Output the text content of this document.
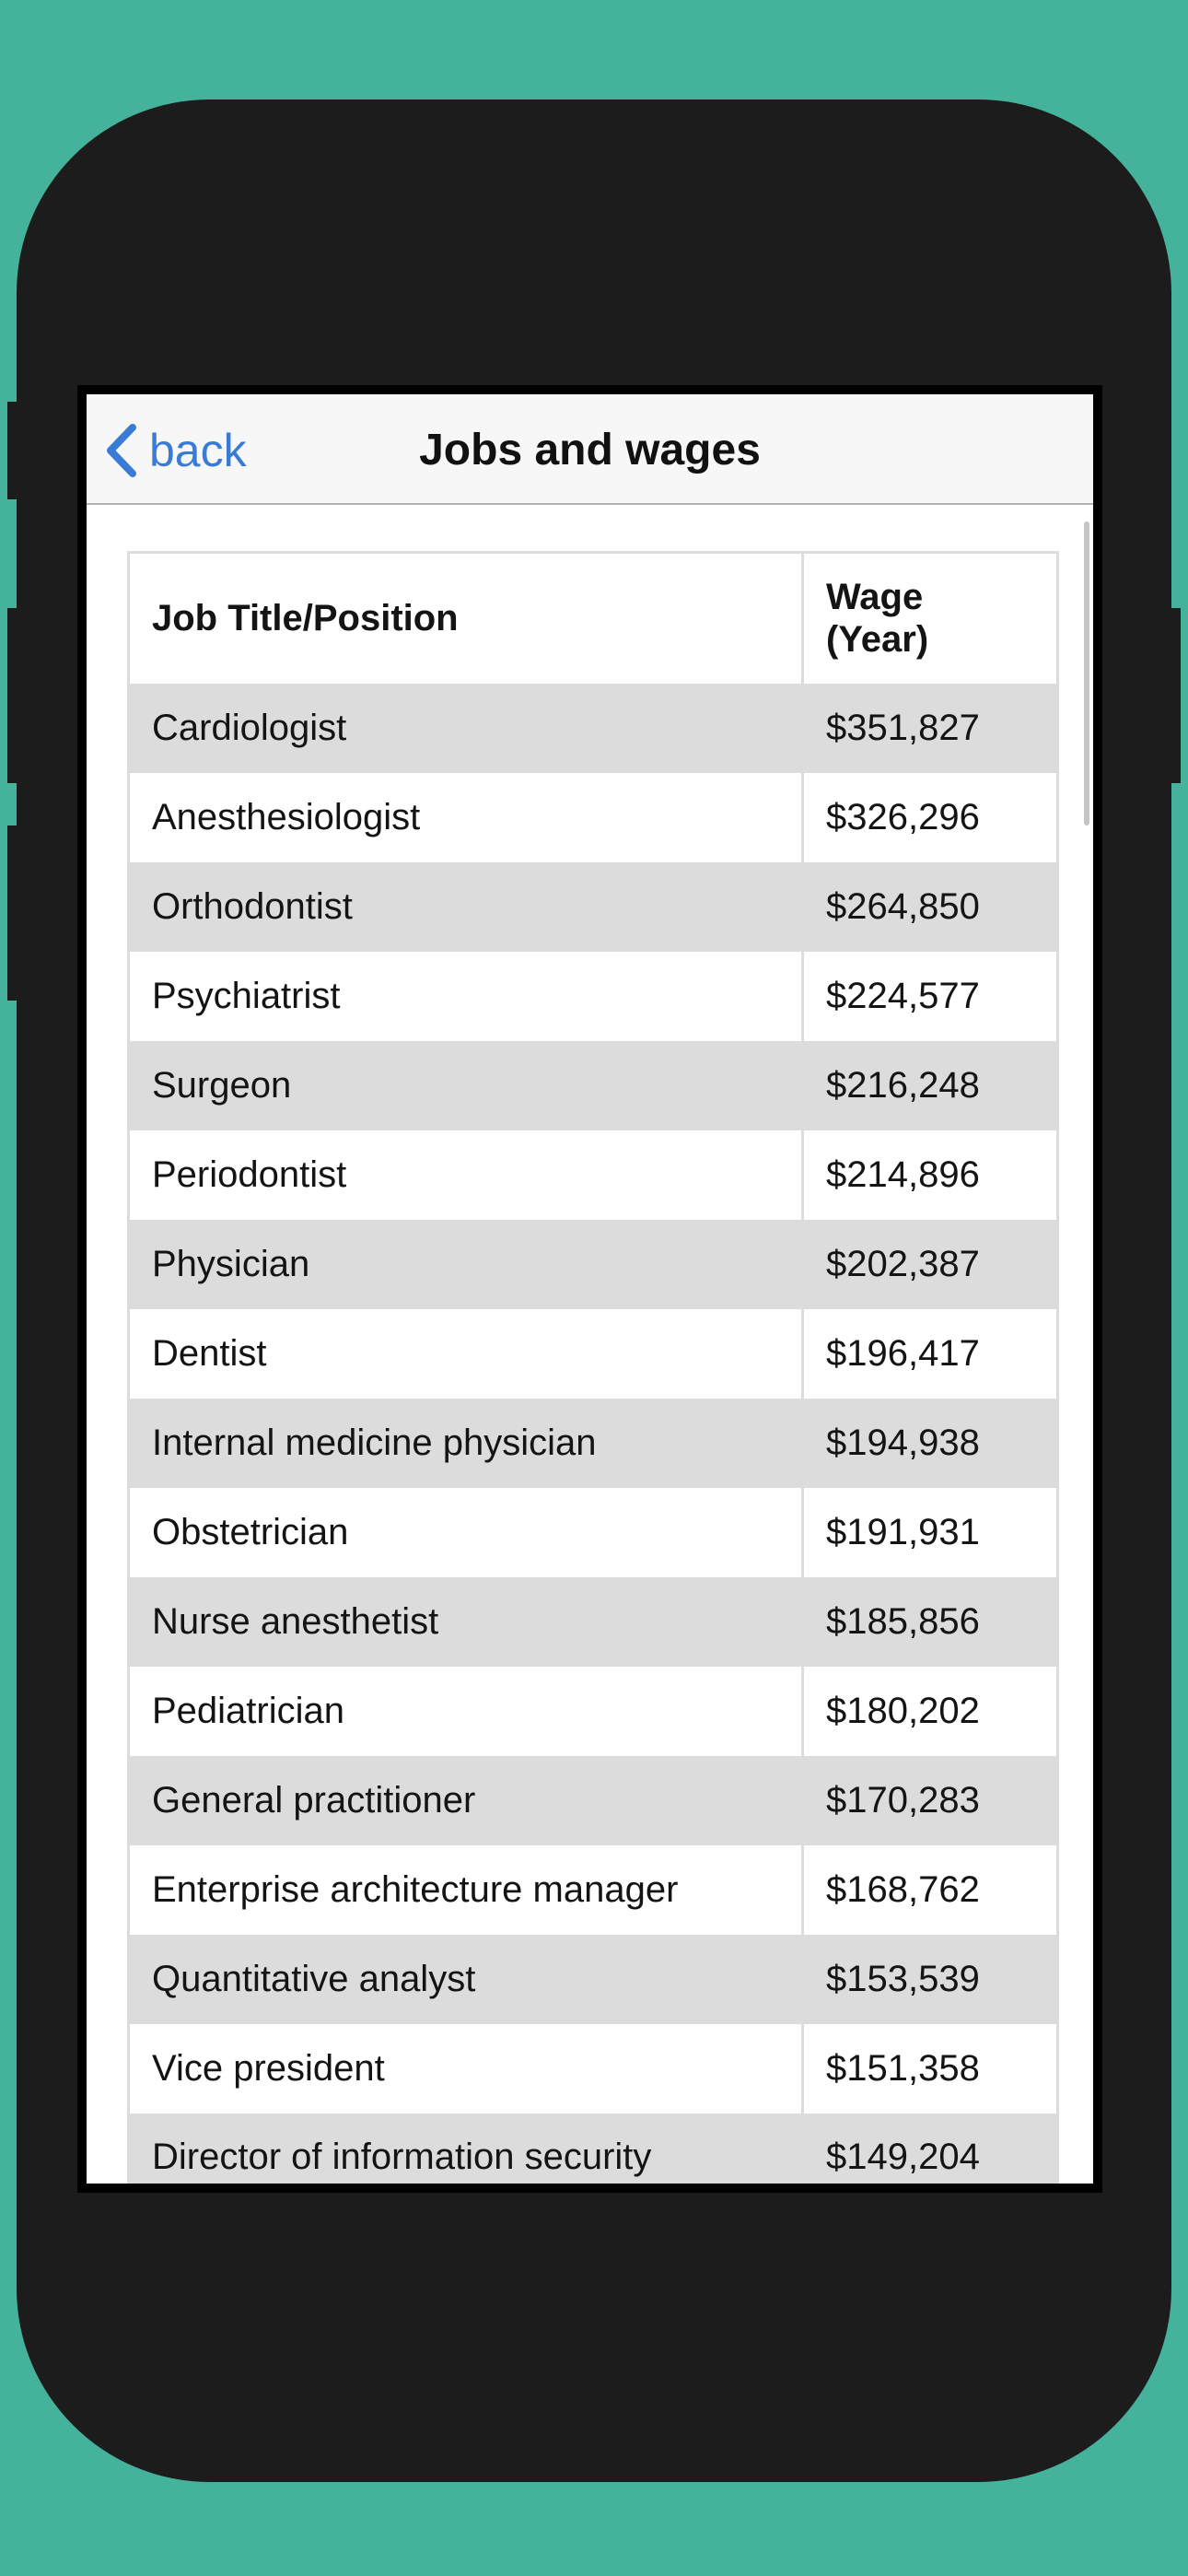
back	Jobs and wages
Job Title/Position	Wage
(Year)
Cardiologist	$351,827
Anesthesiologist	$326,296
Orthodontist	$264,850
Psychiatrist	$224,577
Surgeon	$216,248
Periodontist	$214,896
Physician	$202,387
Dentist	$196,417
Internal medicine physician	$194,938
Obstetrician	$191,931
Nurse anesthetist	$185,856
Pediatrician	$180,202
General practitioner	$170,283
Enterprise architecture manager	$168,762
Quantitative analyst	$153,539
Vice president	$151,358
Director of information security	$149,204
